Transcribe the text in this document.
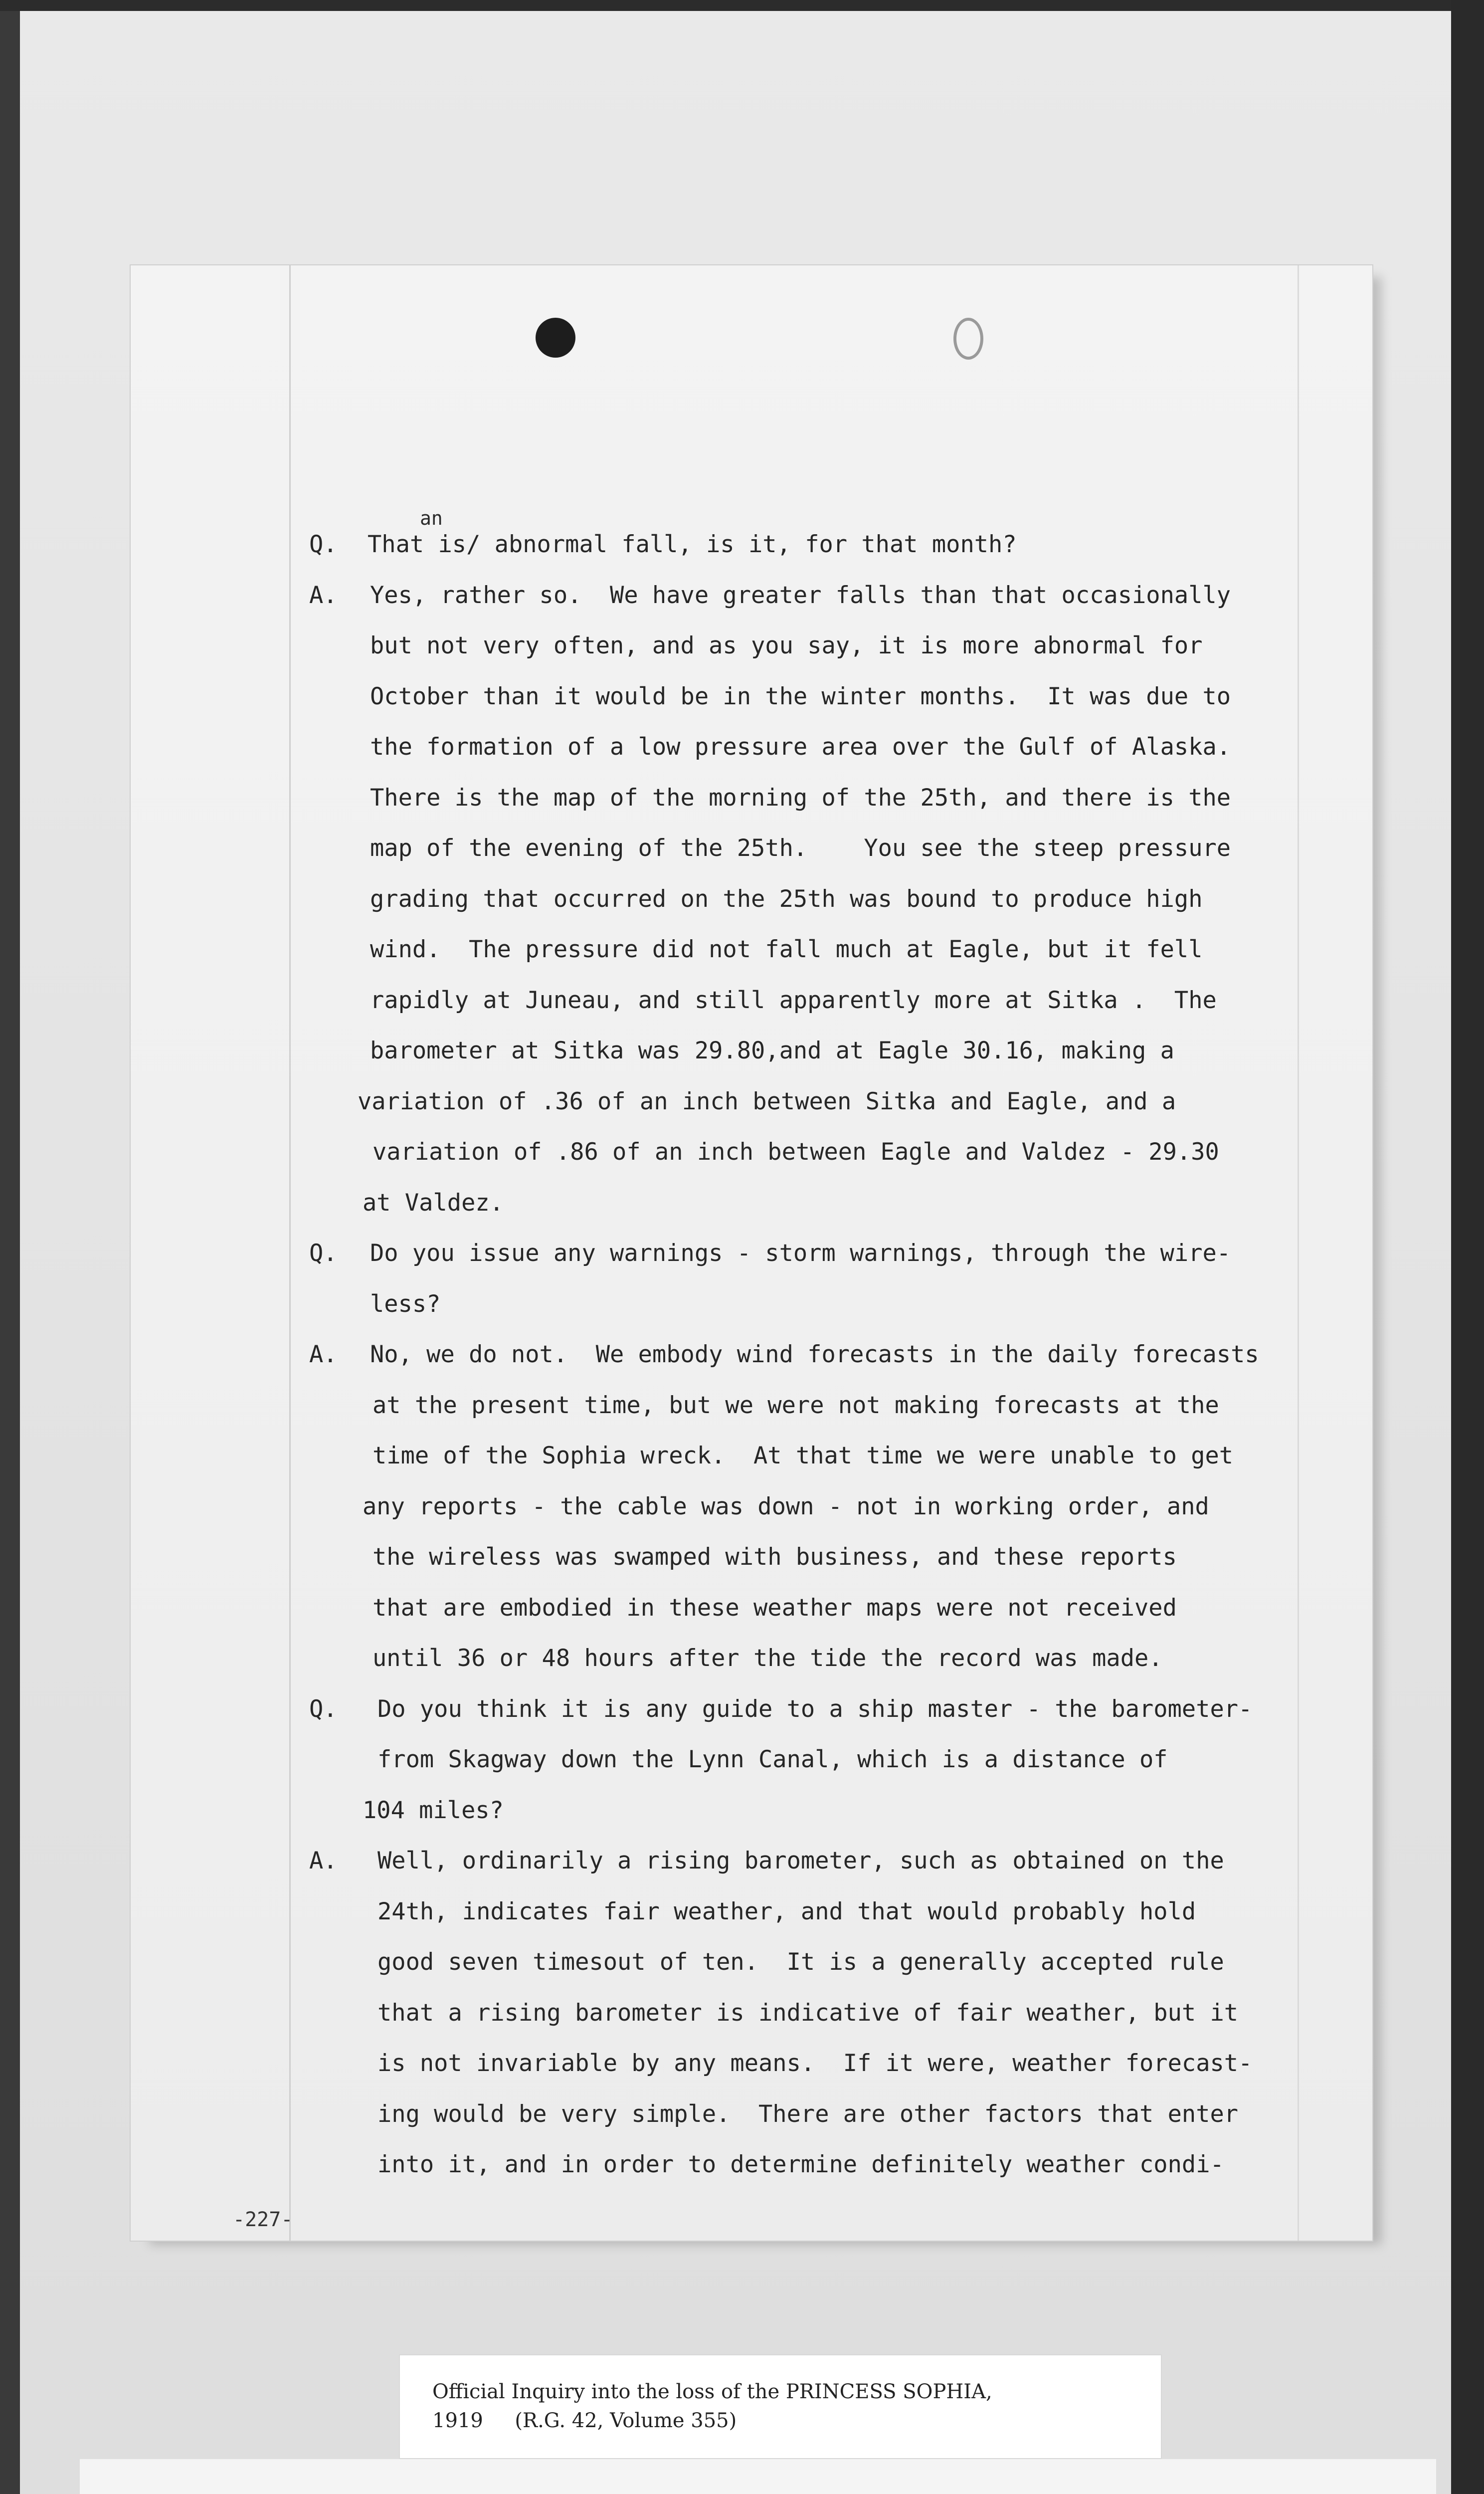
an
Q. That is/ abnormal fall, is it, for that month?
A. Yes, rather so.  We have greater falls than that occasionally
but not very often, and as you say, it is more abnormal for
October than it would be in the winter months.  It was due to
the formation of a low pressure area over the Gulf of Alaska.
There is the map of the morning of the 25th, and there is the
map of the evening of the 25th.    You see the steep pressure
grading that occurred on the 25th was bound to produce high
wind.  The pressure did not fall much at Eagle, but it fell
rapidly at Juneau, and still apparently more at Sitka .  The
barometer at Sitka was 29.80,and at Eagle 30.16, making a
variation of .36 of an inch between Sitka and Eagle, and a
variation of .86 of an inch between Eagle and Valdez - 29.30
at Valdez.
Q. Do you issue any warnings - storm warnings, through the wire-
less?
A. No, we do not.  We embody wind forecasts in the daily forecasts
at the present time, but we were not making forecasts at the
time of the Sophia wreck.  At that time we were unable to get
any reports - the cable was down - not in working order, and
the wireless was swamped with business, and these reports
that are embodied in these weather maps were not received
until 36 or 48 hours after the tide the record was made.
Q. Do you think it is any guide to a ship master - the barometer-
from Skagway down the Lynn Canal, which is a distance of
104 miles?
A. Well, ordinarily a rising barometer, such as obtained on the
24th, indicates fair weather, and that would probably hold
good seven timesout of ten.  It is a generally accepted rule
that a rising barometer is indicative of fair weather, but it
is not invariable by any means.  If it were, weather forecast-
ing would be very simple.  There are other factors that enter
into it, and in order to determine definitely weather condi-
-227-
Official Inquiry into the loss of the PRINCESS SOPHIA,
1919     (R.G. 42, Volume 355)
